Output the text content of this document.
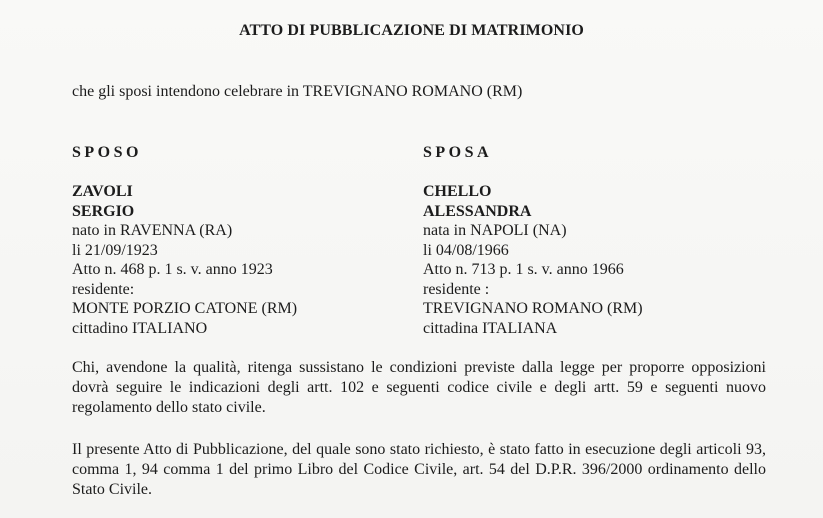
ATTO DI PUBBLICAZIONE DI MATRIMONIO
che gli sposi intendono celebrare in TREVIGNANO ROMANO (RM)
SPOSO
ZAVOLI
SERGIO
nato in RAVENNA (RA)
li 21/09/1923
Atto n. 468 p. 1 s. v. anno 1923
residente:
MONTE PORZIO CATONE (RM)
cittadino ITALIANO
SPOSA
CHELLO
ALESSANDRA
nata in NAPOLI (NA)
li 04/08/1966
Atto n. 713 p. 1 s. v. anno 1966
residente :
TREVIGNANO ROMANO (RM)
cittadina ITALIANA
Chi, avendone la qualità, ritenga sussistano le condizioni previste dalla legge per proporre opposizioni dovrà seguire le indicazioni degli artt. 102 e seguenti codice civile e degli artt. 59 e seguenti nuovo regolamento dello stato civile.
Il presente Atto di Pubblicazione, del quale sono stato richiesto, è stato fatto in esecuzione degli articoli 93, comma 1, 94 comma 1 del primo Libro del Codice Civile, art. 54 del D.P.R. 396/2000 ordinamento dello Stato Civile.
